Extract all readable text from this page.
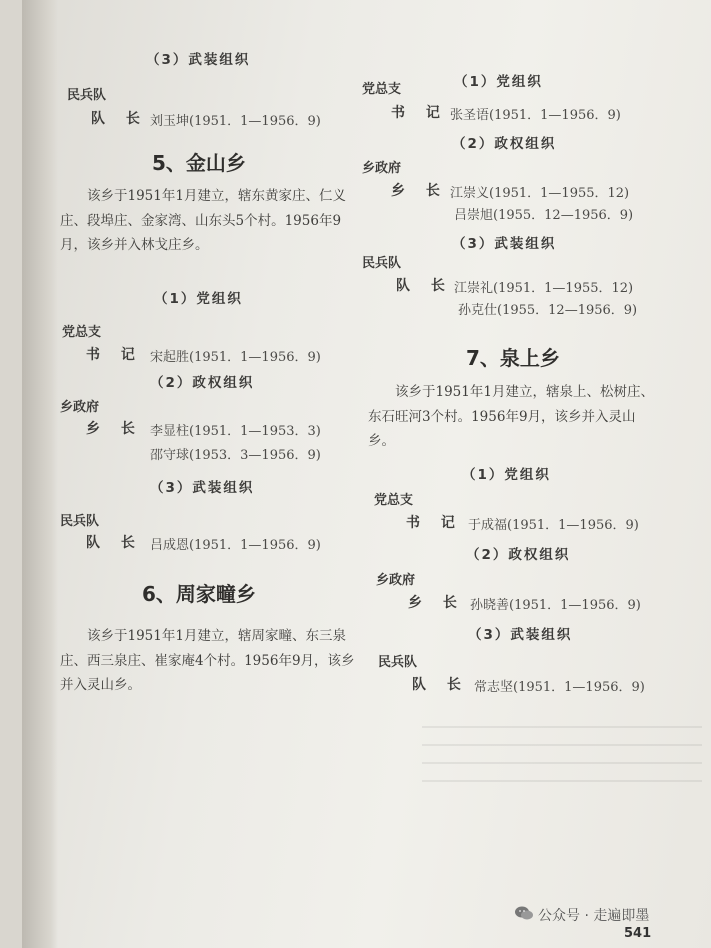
（3）武装组织
民兵队
队 长 刘玉坤(1951．1—1956．9)
5、金山乡
该乡于1951年1月建立，辖东黄家庄、仁义庄、段埠庄、金家湾、山东头5个村。1956年9月，该乡并入林戈庄乡。
（1）党组织
党总支
书 记 宋起胜(1951．1—1956．9)
（2）政权组织
乡政府
乡 长 李显柱(1951．1—1953．3)
邵守球(1953．3—1956．9)
（3）武装组织
民兵队
队 长 吕成恩(1951．1—1956．9)
6、周家疃乡
该乡于1951年1月建立，辖周家疃、东三泉庄、西三泉庄、崔家庵4个村。1956年9月，该乡并入灵山乡。
（1）党组织
党总支
书 记 张圣语(1951．1—1956．9)
（2）政权组织
乡政府
乡 长 江崇义(1951．1—1955．12)
吕崇旭(1955．12—1956．9)
（3）武装组织
民兵队
队 长 江崇礼(1951．1—1955．12)
孙克仕(1955．12—1956．9)
7、泉上乡
该乡于1951年1月建立，辖泉上、松树庄、东石旺河3个村。1956年9月，该乡并入灵山乡。
（1）党组织
党总支
书 记 于成福(1951．1—1956．9)
（2）政权组织
乡政府
乡 长 孙晓善(1951．1—1956．9)
（3）武装组织
民兵队
队 长 常志坚(1951．1—1956．9)
公众号 · 走遍即墨
541
